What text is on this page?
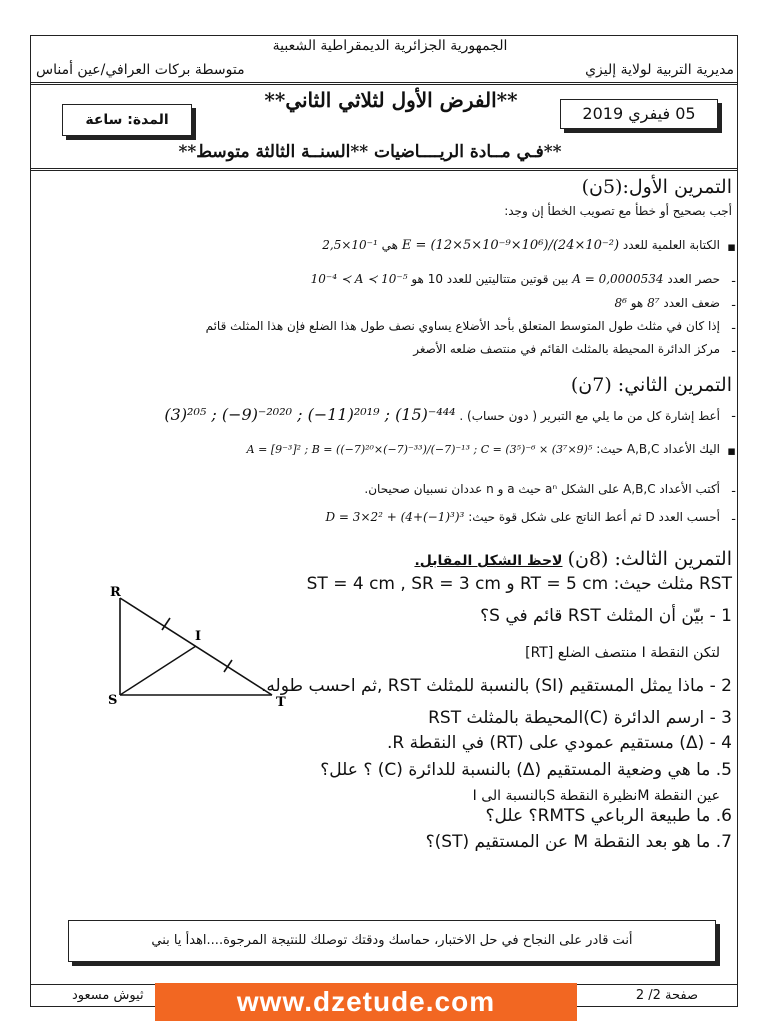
الجمهورية الجزائرية الديمقراطية الشعبية
مديرية التربية لولاية إليزي
متوسطة بركات العرافي/عين أمناس
05 فيفري 2019
**الفرض الأول لثلاثي الثاني**
المدة: ساعة
**فـي مــادة الريــــاضيات **السنــة الثالثة متوسط**
التمرين الأول:(5ن)
أجب بصحيح أو خطأ مع تصويب الخطأ إن وجد:
▪
الكتابة العلمية للعدد E = (12×5×10⁻⁹×10⁶)/(24×10⁻²) هي 2,5×10⁻¹
-
حصر العدد A = 0,0000534 بين قوتين متتاليتين للعدد 10 هو 10⁻⁴ ≺ A ≺ 10⁻⁵
-
ضعف العدد 8⁷ هو 8⁶
-
إذا كان في مثلث طول المتوسط المتعلق بأحد الأضلاع يساوي نصف طول هذا الضلع فإن هذا المثلث قائم
-
مركز الدائرة المحيطة بالمثلث القائم في منتصف ضلعه الأصغر
التمرين الثاني: (7ن)
-
أعط إشارة كل من ما يلي مع التبرير ( دون حساب) . (3)²⁰⁵ ; (−9)⁻²⁰²⁰ ; (−11)²⁰¹⁹ ; (15)⁻⁴⁴⁴
▪
اليك الأعداد A,B,C حيث: A = [9⁻³]² ; B = ((−7)²⁰×(−7)⁻³³)/(−7)⁻¹³ ; C = (3⁵)⁻⁶ × (3⁷×9)⁵
-
أكتب الأعداد A,B,C على الشكل aⁿ حيث a و n عددان نسبيان صحيحان.
-
أحسب العدد D ثم أعط الناتج على شكل قوة حيث: D = 3×2² + (4+(−1)³)³
التمرين الثالث: (8ن) لاحظ الشكل المقابل.
RST مثلث حيث: RT = 5 cm و ST = 4 cm , SR = 3 cm
1 - بيّن أن المثلث RST قائم في S؟
لتكن النقطة I منتصف الضلع [RT]
2 - ماذا يمثل المستقيم (SI) بالنسبة للمثلث RST ,ثم احسب طوله.
3 - ارسم الدائرة (C)المحيطة بالمثلث RST
4 - (Δ) مستقيم عمودي على (RT) في النقطة R.
5. ما هي وضعية المستقيم (Δ) بالنسبة للدائرة (C) ؟ علل؟
عين النقطة Mنظيرة النقطة Sبالنسبة الى I
6. ما طبيعة الرباعي RMTS؟ علل؟
7. ما هو بعد النقطة M عن المستقيم (ST)؟
R
S	T
I
أنت قادر على النجاح في حل الاختبار، حماسك ودقتك توصلك للنتيجة المرجوة....اهدأ يا بني
صفحة 2/ 2
ثيوش مسعود	www.dzetude.com
